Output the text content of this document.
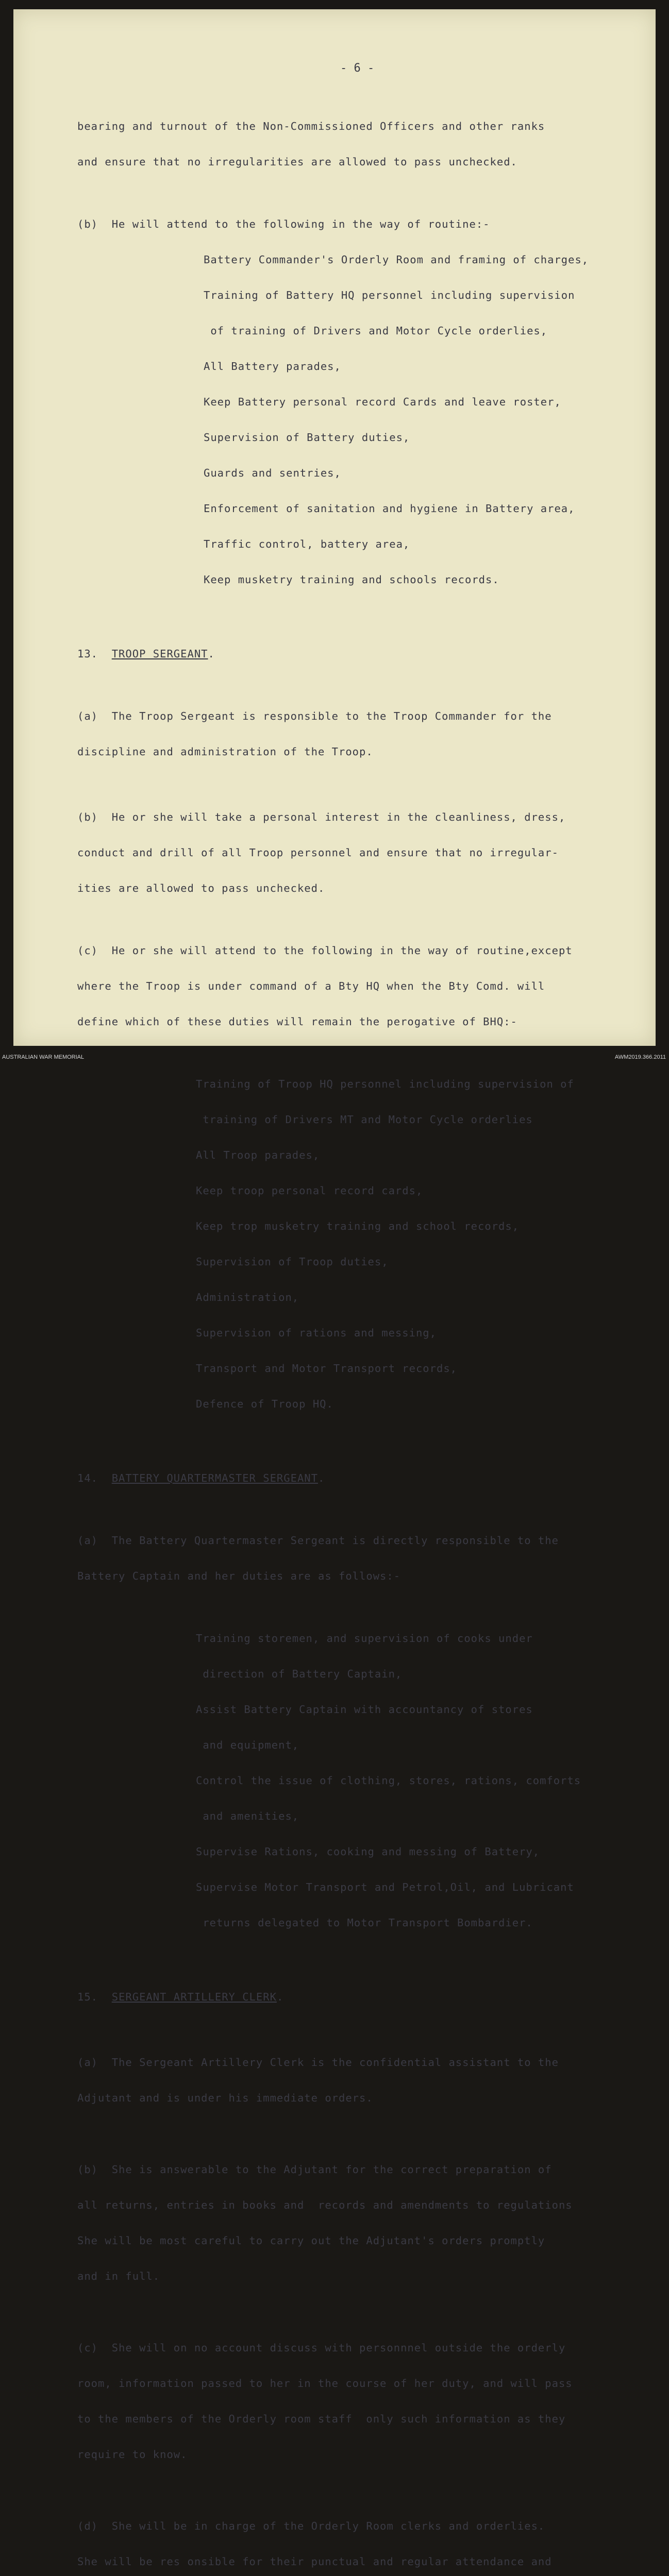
- 6 -

bearing and turnout of the Non-Commissioned Officers and other ranks

and ensure that no irregularities are allowed to pass unchecked.

(b)  He will attend to the following in the way of routine:-

Battery Commander's Orderly Room and framing of charges,

Training of Battery HQ personnel including supervision

of training of Drivers and Motor Cycle orderlies,

All Battery parades,

Keep Battery personal record Cards and leave roster,

Supervision of Battery duties,

Guards and sentries,

Enforcement of sanitation and hygiene in Battery area,

Traffic control, battery area,

Keep musketry training and schools records.

13. TROOP SERGEANT.

(a)  The Troop Sergeant is responsible to the Troop Commander for the

discipline and administration of the Troop.

(b)  He or she will take a personal interest in the cleanliness, dress,

conduct and drill of all Troop personnel and ensure that no irregular-

ities are allowed to pass unchecked.

(c)  He or she will attend to the following in the way of routine,except

where the Troop is under command of a Bty HQ when the Bty Comd. will

define which of these duties will remain the perogative of BHQ:-

Training of Troop HQ personnel including supervision of

training of Drivers MT and Motor Cycle orderlies

All Troop parades,

Keep troop personal record cards,

Keep trop musketry training and school records,

Supervision of Troop duties,

Administration,

Supervision of rations and messing,

Transport and Motor Transport records,

Defence of Troop HQ.

14. BATTERY QUARTERMASTER SERGEANT.

(a)  The Battery Quartermaster Sergeant is directly responsible to the

Battery Captain and her duties are as follows:-

Training storemen, and supervision of cooks under

direction of Battery Captain,

Assist Battery Captain with accountancy of stores

and equipment,

Control the issue of clothing, stores, rations, comforts

and amenities,

Supervise Rations, cooking and messing of Battery,

Supervise Motor Transport and Petrol,Oil, and Lubricant

returns delegated to Motor Transport Bombardier.

15. SERGEANT ARTILLERY CLERK.

(a)  The Sergeant Artillery Clerk is the confidential assistant to the

Adjutant and is under his immediate orders.

(b)  She is answerable to the Adjutant for the correct preparation of

all returns, entries in books and  records and amendments to regulations

She will be most careful to carry out the Adjutant's orders promptly

and in full.

(c)  She will on no account discuss with personnnel outside the orderly

room, information passed to her in the course of her duty, and will pass

to the members of the Orderly room staff  only such information as they

require to know.

(d)  She will be in charge of the Orderly Room clerks and orderlies.

She will be res onsible for their punctual and regular attendance and

AUSTRALIAN WAR MEMORIAL	AWM2019.366.2011
